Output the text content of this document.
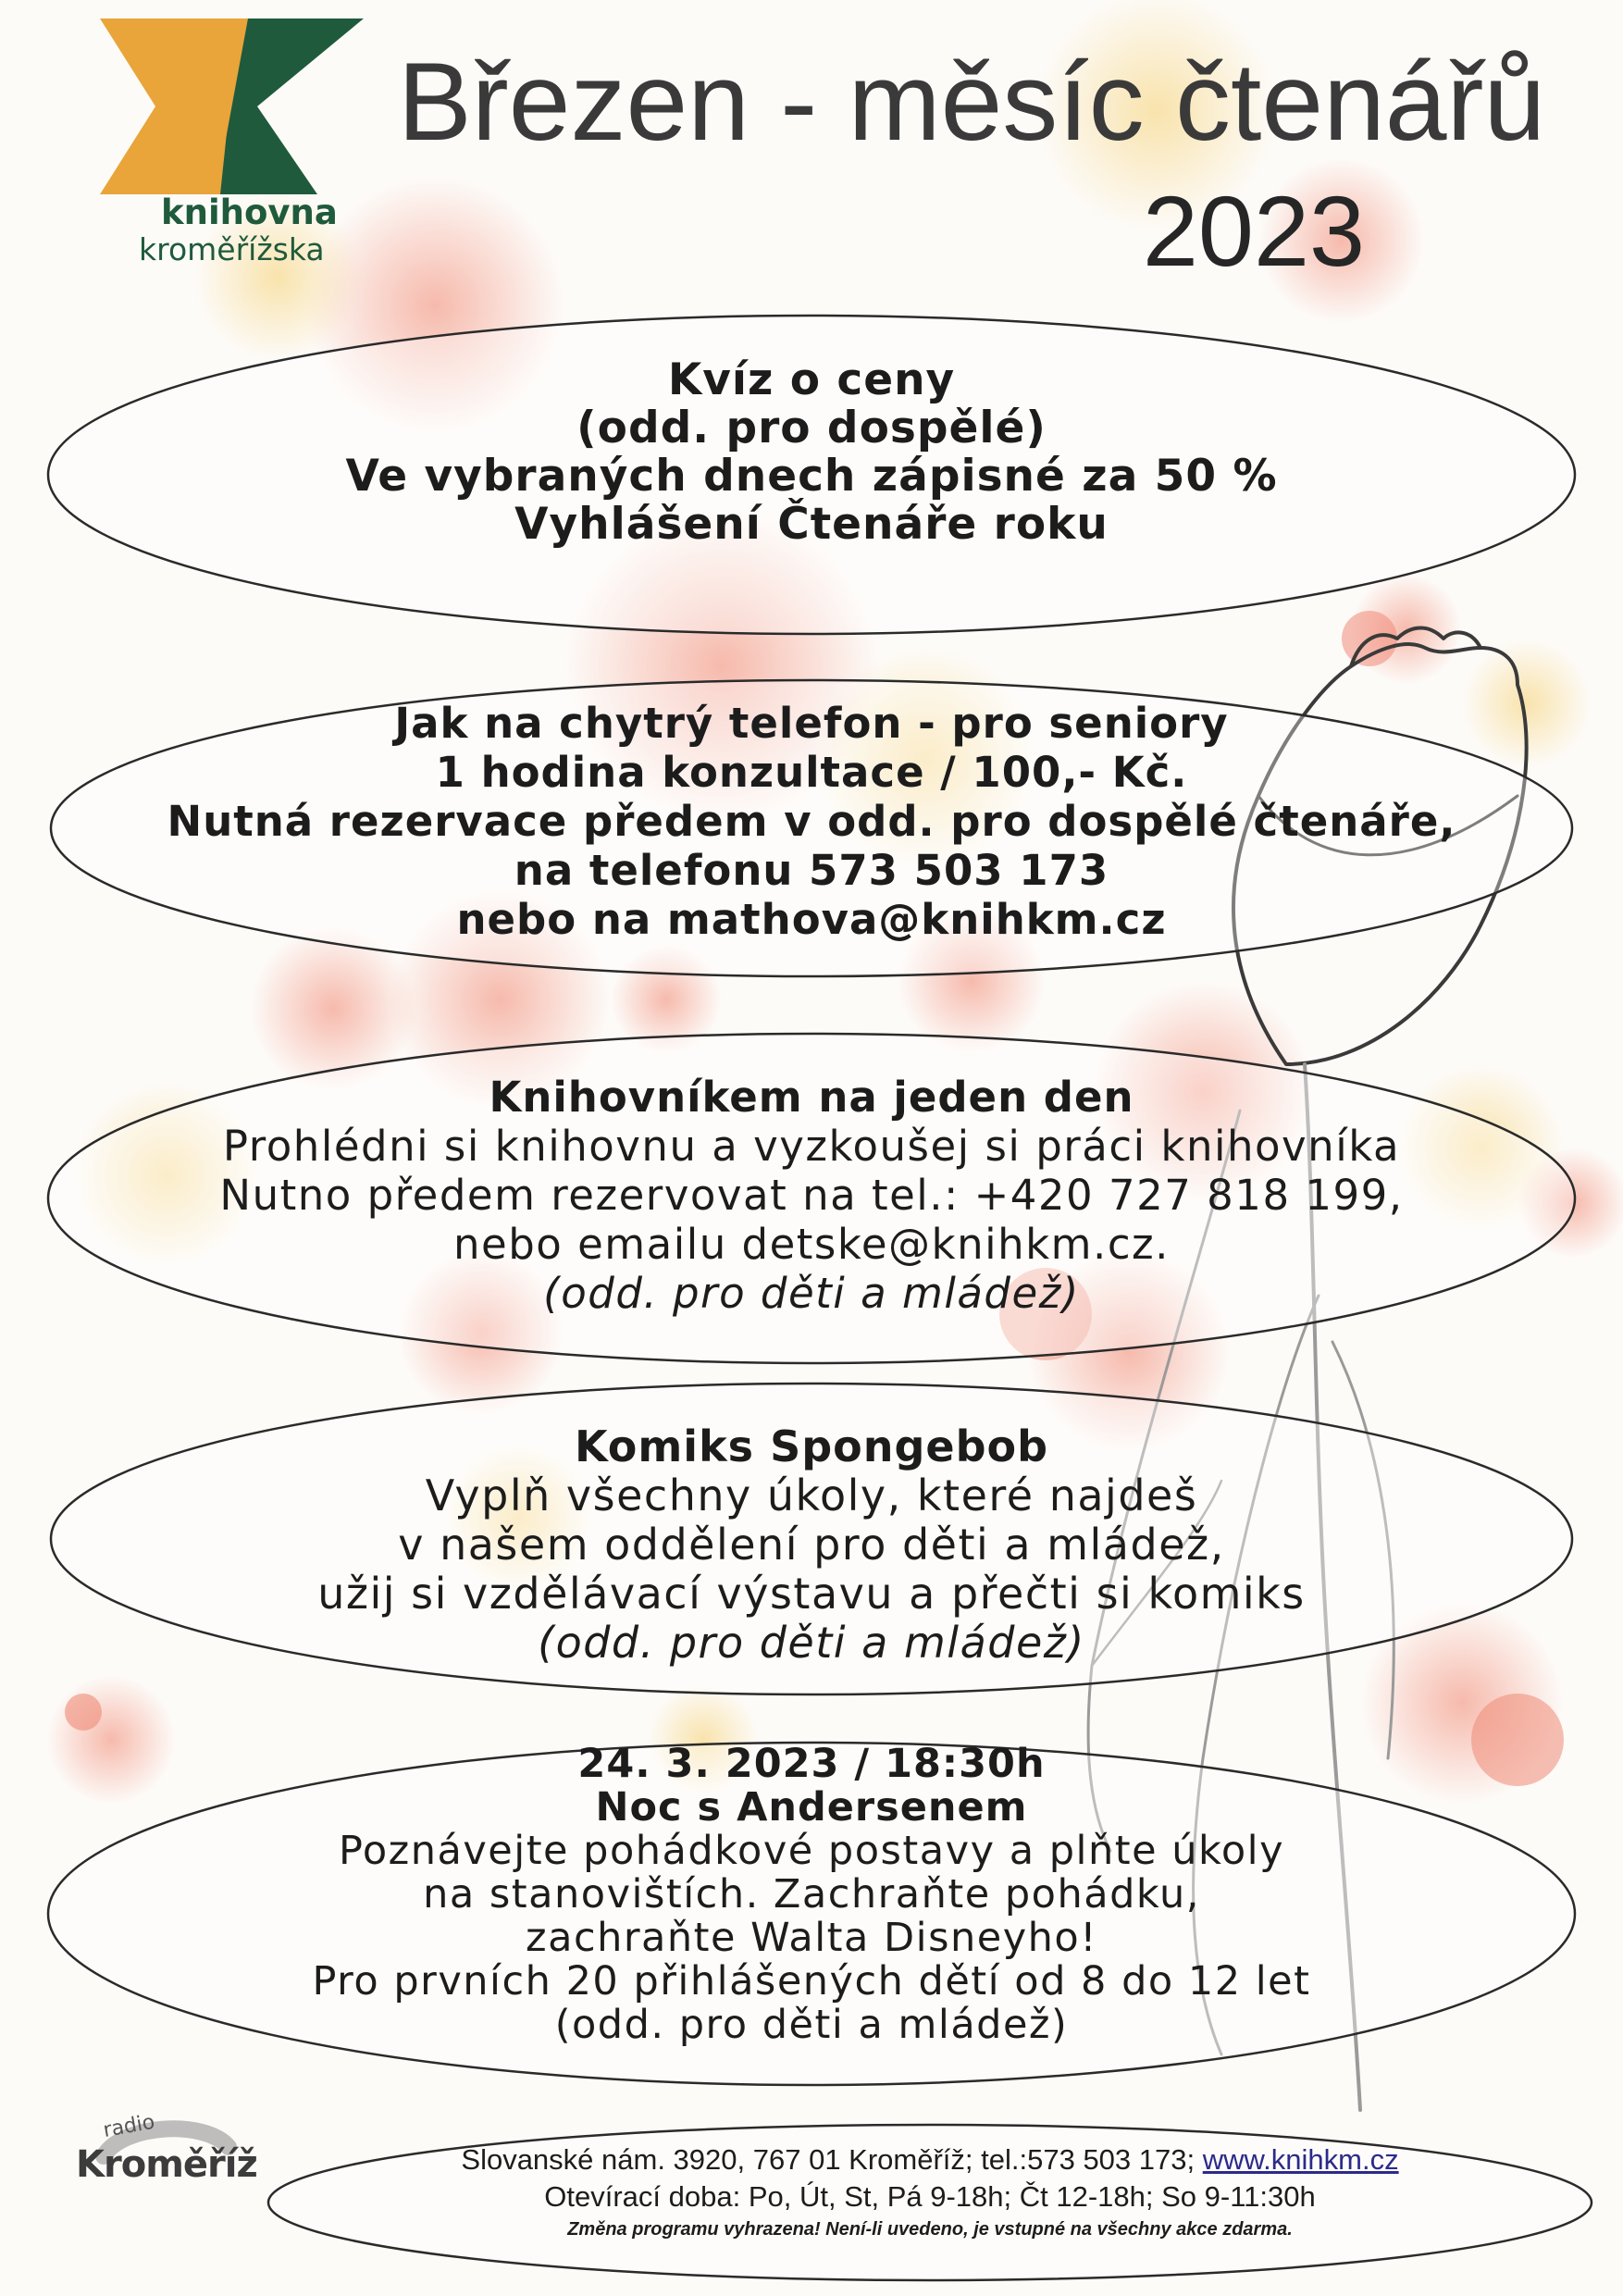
knihovna
kroměřížska
Březen - měsíc čtenářů
2023
Kvíz o ceny
(odd. pro dospělé)
Ve vybraných dnech zápisné za 50 %
Vyhlášení Čtenáře roku
Jak na chytrý telefon - pro seniory
1 hodina konzultace / 100,- Kč.
Nutná rezervace předem v odd. pro dospělé čtenáře,
na telefonu 573 503 173
nebo na mathova@knihkm.cz
Knihovníkem na jeden den
Prohlédni si knihovnu a vyzkoušej si práci knihovníka
Nutno předem rezervovat na tel.: +420 727 818 199,
nebo emailu detske@knihkm.cz.
(odd. pro děti a mládež)
Komiks Spongebob
Vyplň všechny úkoly, které najdeš
v našem oddělení pro děti a mládež,
užij si vzdělávací výstavu a přečti si komiks
(odd. pro děti a mládež)
24. 3. 2023 / 18:30h
Noc s Andersenem
Poznávejte pohádkové postavy a plňte úkoly
na stanovištích. Zachraňte pohádku,
zachraňte Walta Disneyho!
Pro prvních 20 přihlášených dětí od 8 do 12 let
(odd. pro děti a mládež)
Slovanské nám. 3920, 767 01 Kroměříž; tel.:573 503 173; www.knihkm.cz
Otevírací doba: Po, Út, St, Pá 9-18h; Čt 12-18h; So 9-11:30h
Změna programu vyhrazena! Není-li uvedeno, je vstupné na všechny akce zdarma.
radio
Kroměříž
